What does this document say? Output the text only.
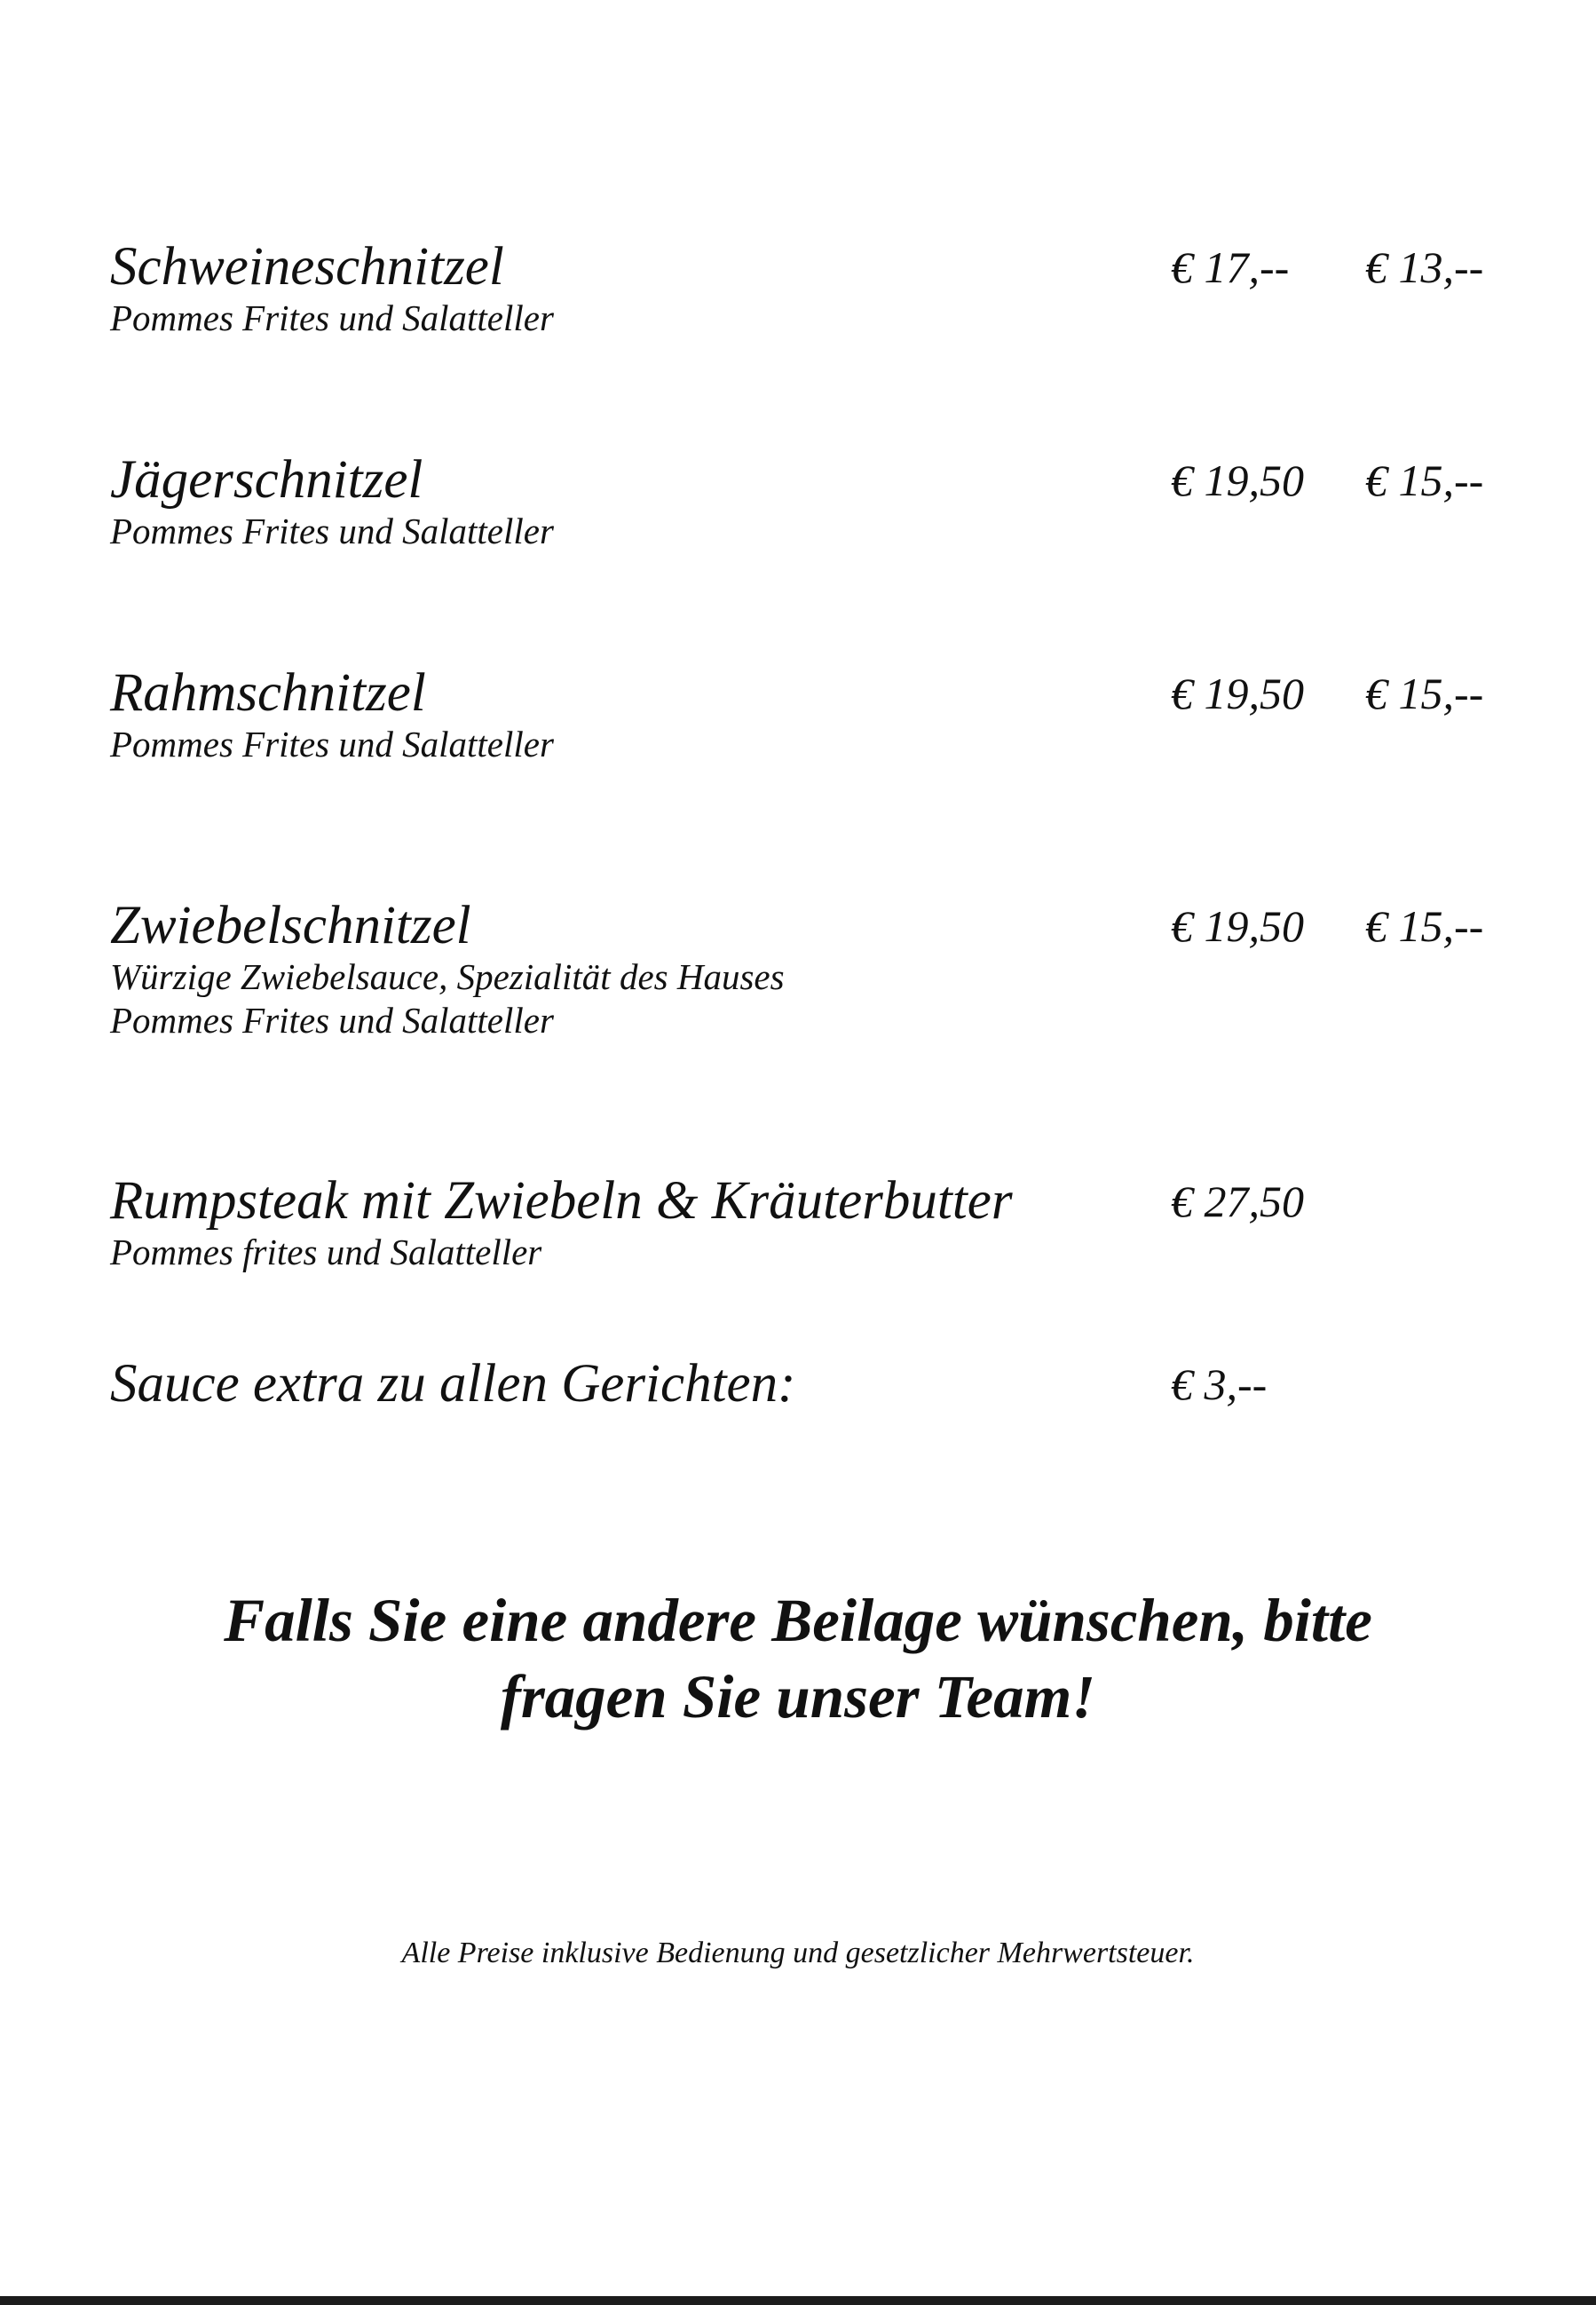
Schweineschnitzel
Pommes Frites und Salatteller
€ 17,-- € 13,--
Jägerschnitzel
Pommes Frites und Salatteller
€ 19,50 € 15,--
Rahmschnitzel
Pommes Frites und Salatteller
€ 19,50 € 15,--
Zwiebelschnitzel
Würzige Zwiebelsauce, Spezialität des Hauses
Pommes Frites und Salatteller
€ 19,50 € 15,--
Rumpsteak mit Zwiebeln & Kräuterbutter
Pommes frites und Salatteller
€ 27,50
Sauce extra zu allen Gerichten:	€ 3,--
Falls Sie eine andere Beilage wünschen, bitte
fragen Sie unser Team!
Alle Preise inklusive Bedienung und gesetzlicher Mehrwertsteuer.
